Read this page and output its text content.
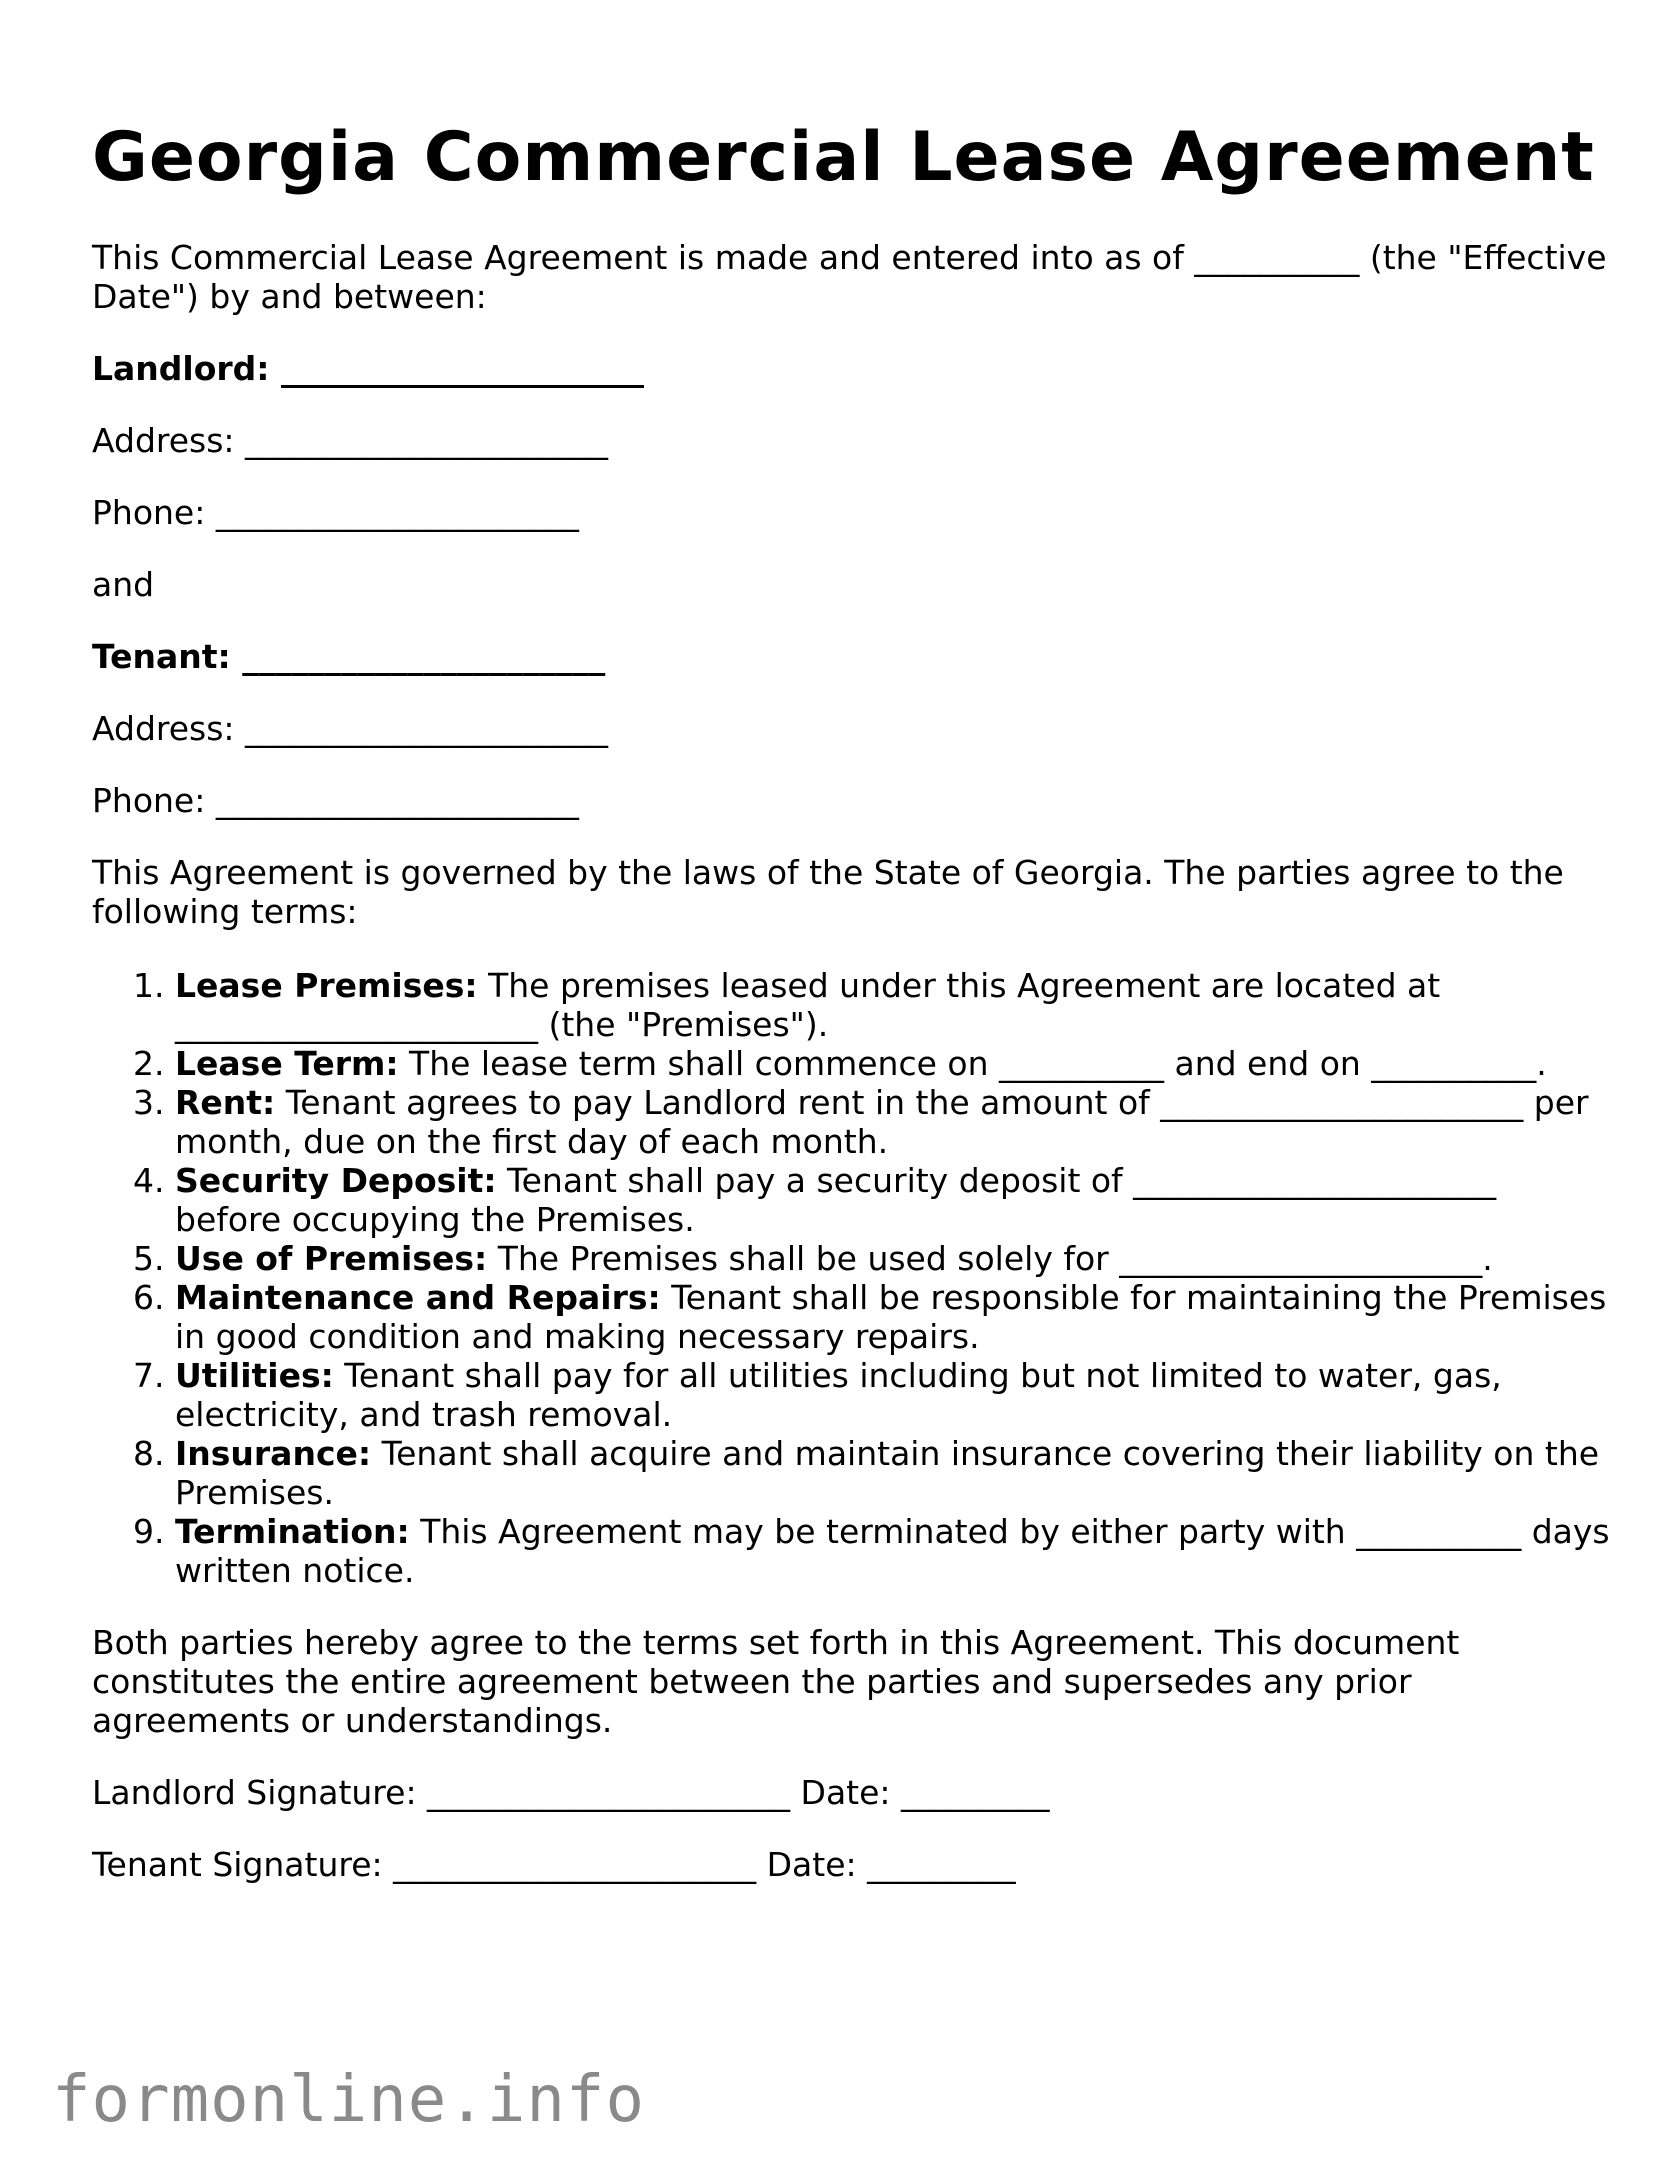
Georgia Commercial Lease Agreement

This Commercial Lease Agreement is made and entered into as of __________ (the "Effective Date") by and between:

Landlord: ______________________

Address: ______________________

Phone: ______________________

and

Tenant: ______________________

Address: ______________________

Phone: ______________________

This Agreement is governed by the laws of the State of Georgia. The parties agree to the following terms:

1. Lease Premises: The premises leased under this Agreement are located at ______________________ (the "Premises").
2. Lease Term: The lease term shall commence on __________ and end on __________.
3. Rent: Tenant agrees to pay Landlord rent in the amount of ______________________ per month, due on the first day of each month.
4. Security Deposit: Tenant shall pay a security deposit of ______________________ before occupying the Premises.
5. Use of Premises: The Premises shall be used solely for ______________________.
6. Maintenance and Repairs: Tenant shall be responsible for maintaining the Premises in good condition and making necessary repairs.
7. Utilities: Tenant shall pay for all utilities including but not limited to water, gas, electricity, and trash removal.
8. Insurance: Tenant shall acquire and maintain insurance covering their liability on the Premises.
9. Termination: This Agreement may be terminated by either party with __________ days written notice.

Both parties hereby agree to the terms set forth in this Agreement. This document constitutes the entire agreement between the parties and supersedes any prior agreements or understandings.

Landlord Signature: ______________________ Date: _________

Tenant Signature: ______________________ Date: _________

formonline.info
